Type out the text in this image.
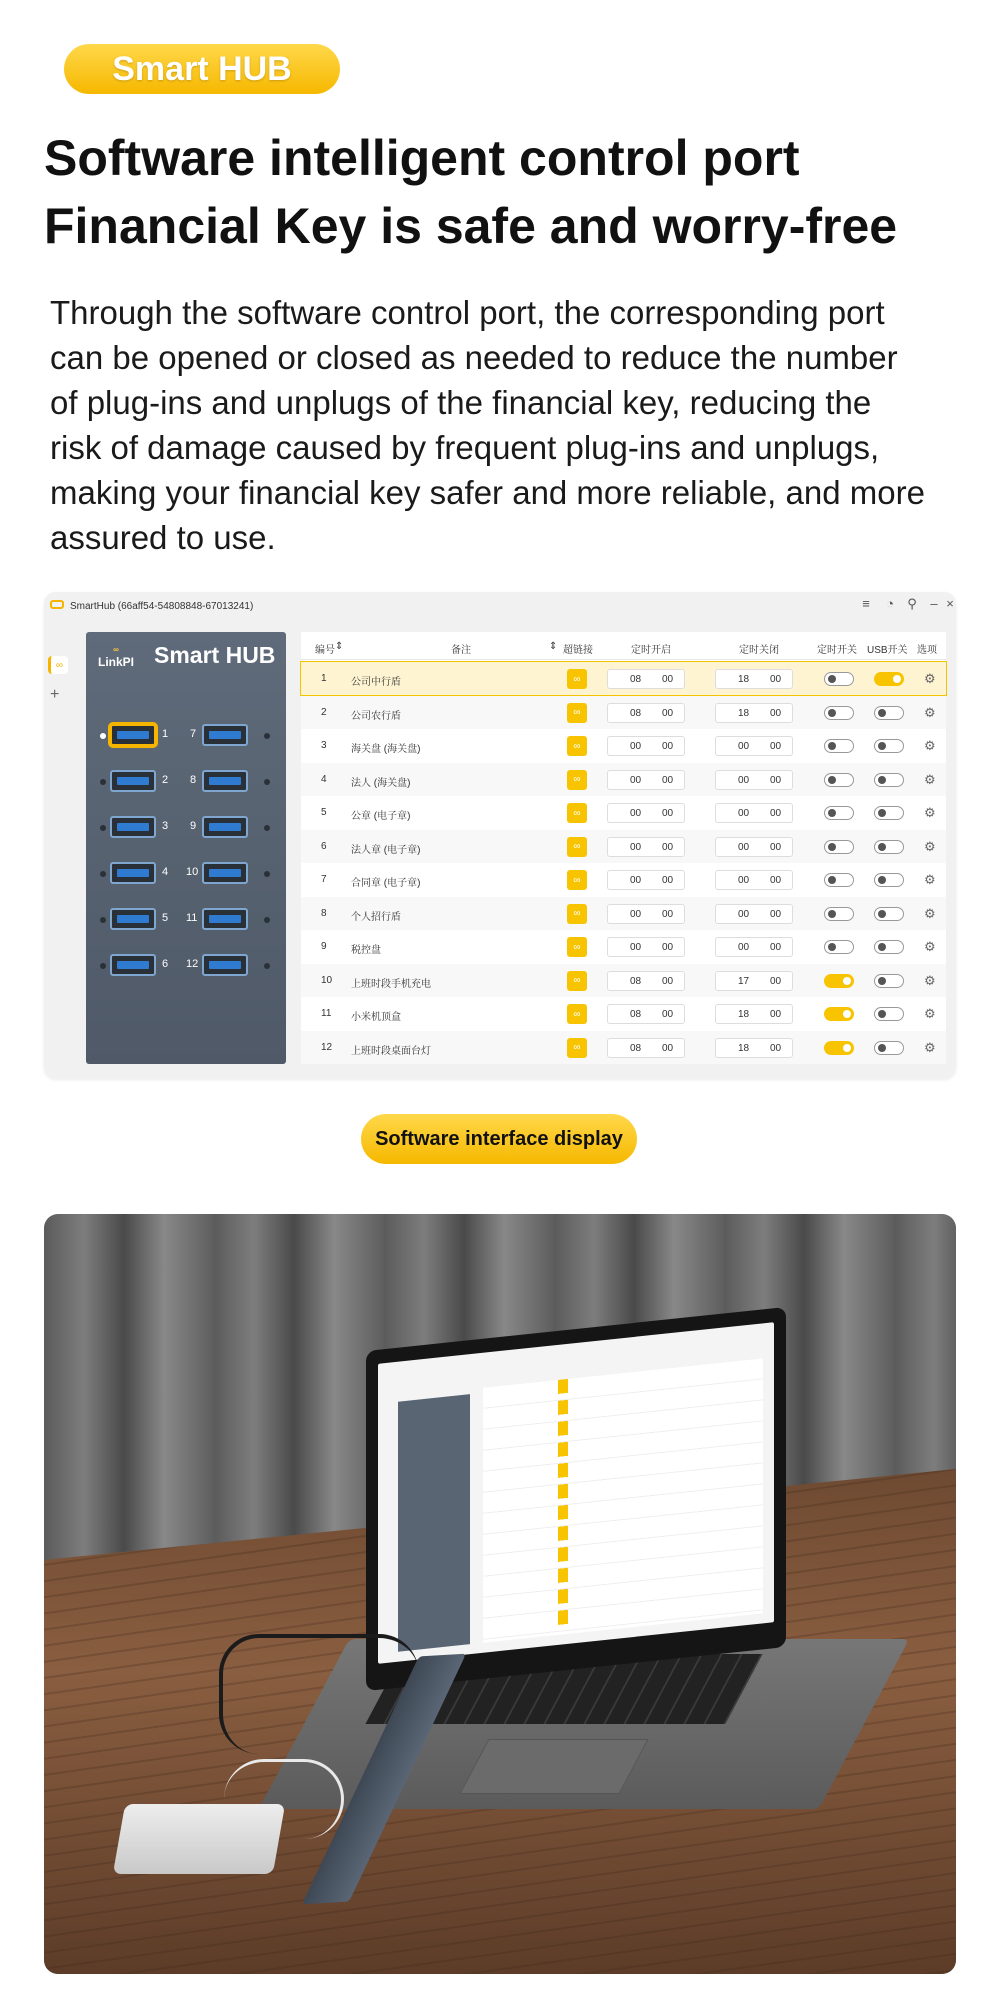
Smart HUB
Software intelligent control port
Financial Key is safe and worry-free
Through the software control port, the corresponding port
can be opened or closed as needed to reduce the number
of plug-ins and unplugs of the financial key, reducing the
risk of damage caused by frequent plug-ins and unplugs,
making your financial key safer and more reliable, and more
assured to use.
SmartHub (66aff54-54808848-67013241)	≡	◔	⚲	– ×
∞
+
∞
LinkPI Smart HUB
1 7
2 8
3 9
4 10
5 11
6 12
编号 ⇕	备注	⇕ 超链接	定时开启	定时关闭	定时开关 USB开关 选项
1 公司中行盾	∞	08 00	18 00	⚙
2 公司农行盾	∞	08 00	18 00	⚙
3 海关盘 (海关盘)	∞	00 00	00 00	⚙
4 法人 (海关盘)	∞	00 00	00 00	⚙
5 公章 (电子章)	∞	00 00	00 00	⚙
6 法人章 (电子章)	∞	00 00	00 00	⚙
7 合同章 (电子章)	∞	00 00	00 00	⚙
8 个人招行盾	∞	00 00	00 00	⚙
9 税控盘	∞	00 00	00 00	⚙
10 上班时段手机充电	∞	08 00	17 00	⚙
11 小米机顶盒	∞	08 00	18 00	⚙
12 上班时段桌面台灯	∞	08 00	18 00	⚙
Software interface display
